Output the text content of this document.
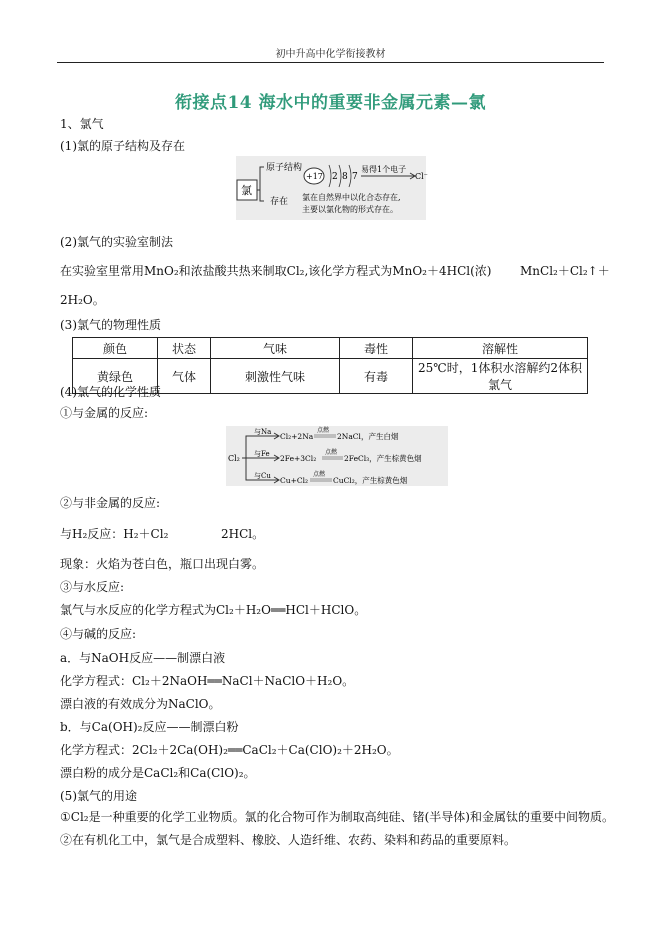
初中升高中化学衔接教材
衔接点14 海水中的重要非金属元素—氯
1、氯气
(1)氯的原子结构及存在
氯
原子结构
存在
+17 2 8 7
易得1个电子
Cl⁻
氯在自然界中以化合态存在,
主要以氯化物的形式存在。
(2)氯气的实验室制法
在实验室里常用MnO₂和浓盐酸共热来制取Cl₂,该化学方程式为MnO₂＋4HCl(浓) MnCl₂＋Cl₂↑＋
2H₂O。
(3)氯气的物理性质
颜色	状态	气味	毒性	溶解性
黄绿色	气体	刺激性气味	有毒	25℃时，1体积水溶解约2体积氯气
(4)氯气的化学性质
①与金属的反应:
Cl₂
与Na
与Fe
与Cu
Cl₂+2Na
点燃
2NaCl，产生白烟
2Fe+3Cl₂
点燃
2FeCl₃，产生棕黄色烟
Cu+Cl₂
点燃
CuCl₂，产生棕黄色烟
②与非金属的反应:
与H₂反应：H₂＋Cl₂	2HCl。
现象：火焰为苍白色，瓶口出现白雾。
③与水反应:
氯气与水反应的化学方程式为Cl₂＋H₂O══HCl＋HClO。
④与碱的反应:
a．与NaOH反应——制漂白液
化学方程式：Cl₂＋2NaOH══NaCl＋NaClO＋H₂O。
漂白液的有效成分为NaClO。
b．与Ca(OH)₂反应——制漂白粉
化学方程式：2Cl₂＋2Ca(OH)₂══CaCl₂＋Ca(ClO)₂＋2H₂O。
漂白粉的成分是CaCl₂和Ca(ClO)₂。
(5)氯气的用途
①Cl₂是一种重要的化学工业物质。氯的化合物可作为制取高纯硅、锗(半导体)和金属钛的重要中间物质。
②在有机化工中，氯气是合成塑料、橡胶、人造纤维、农药、染料和药品的重要原料。
